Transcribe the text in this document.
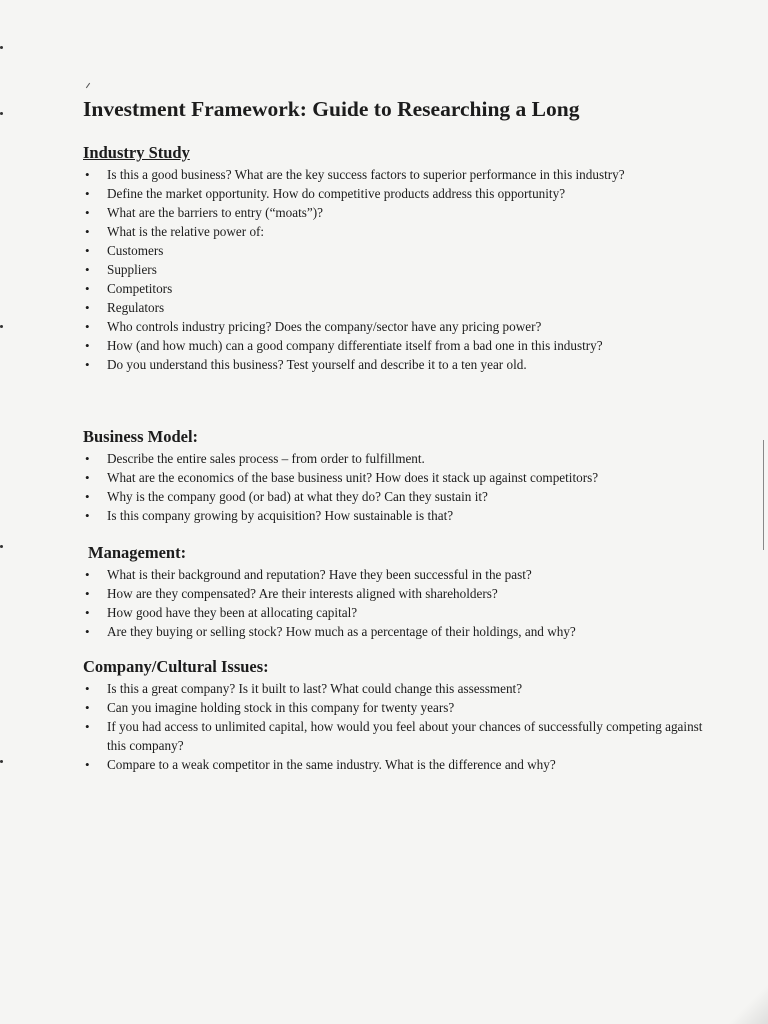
Investment Framework: Guide to Researching a Long
Industry Study
• Is this a good business? What are the key success factors to superior performance in this industry?
• Define the market opportunity. How do competitive products address this opportunity?
• What are the barriers to entry (“moats”)?
• What is the relative power of:
• Customers
• Suppliers
• Competitors
• Regulators
• Who controls industry pricing? Does the company/sector have any pricing power?
• How (and how much) can a good company differentiate itself from a bad one in this industry?
• Do you understand this business? Test yourself and describe it to a ten year old.
Business Model:
• Describe the entire sales process – from order to fulfillment.
• What are the economics of the base business unit? How does it stack up against competitors?
• Why is the company good (or bad) at what they do? Can they sustain it?
• Is this company growing by acquisition? How sustainable is that?
Management:
• What is their background and reputation? Have they been successful in the past?
• How are they compensated? Are their interests aligned with shareholders?
• How good have they been at allocating capital?
• Are they buying or selling stock? How much as a percentage of their holdings, and why?
Company/Cultural Issues:
• Is this a great company? Is it built to last? What could change this assessment?
• Can you imagine holding stock in this company for twenty years?
• If you had access to unlimited capital, how would you feel about your chances of successfully competing against this company?
• Compare to a weak competitor in the same industry. What is the difference and why?
